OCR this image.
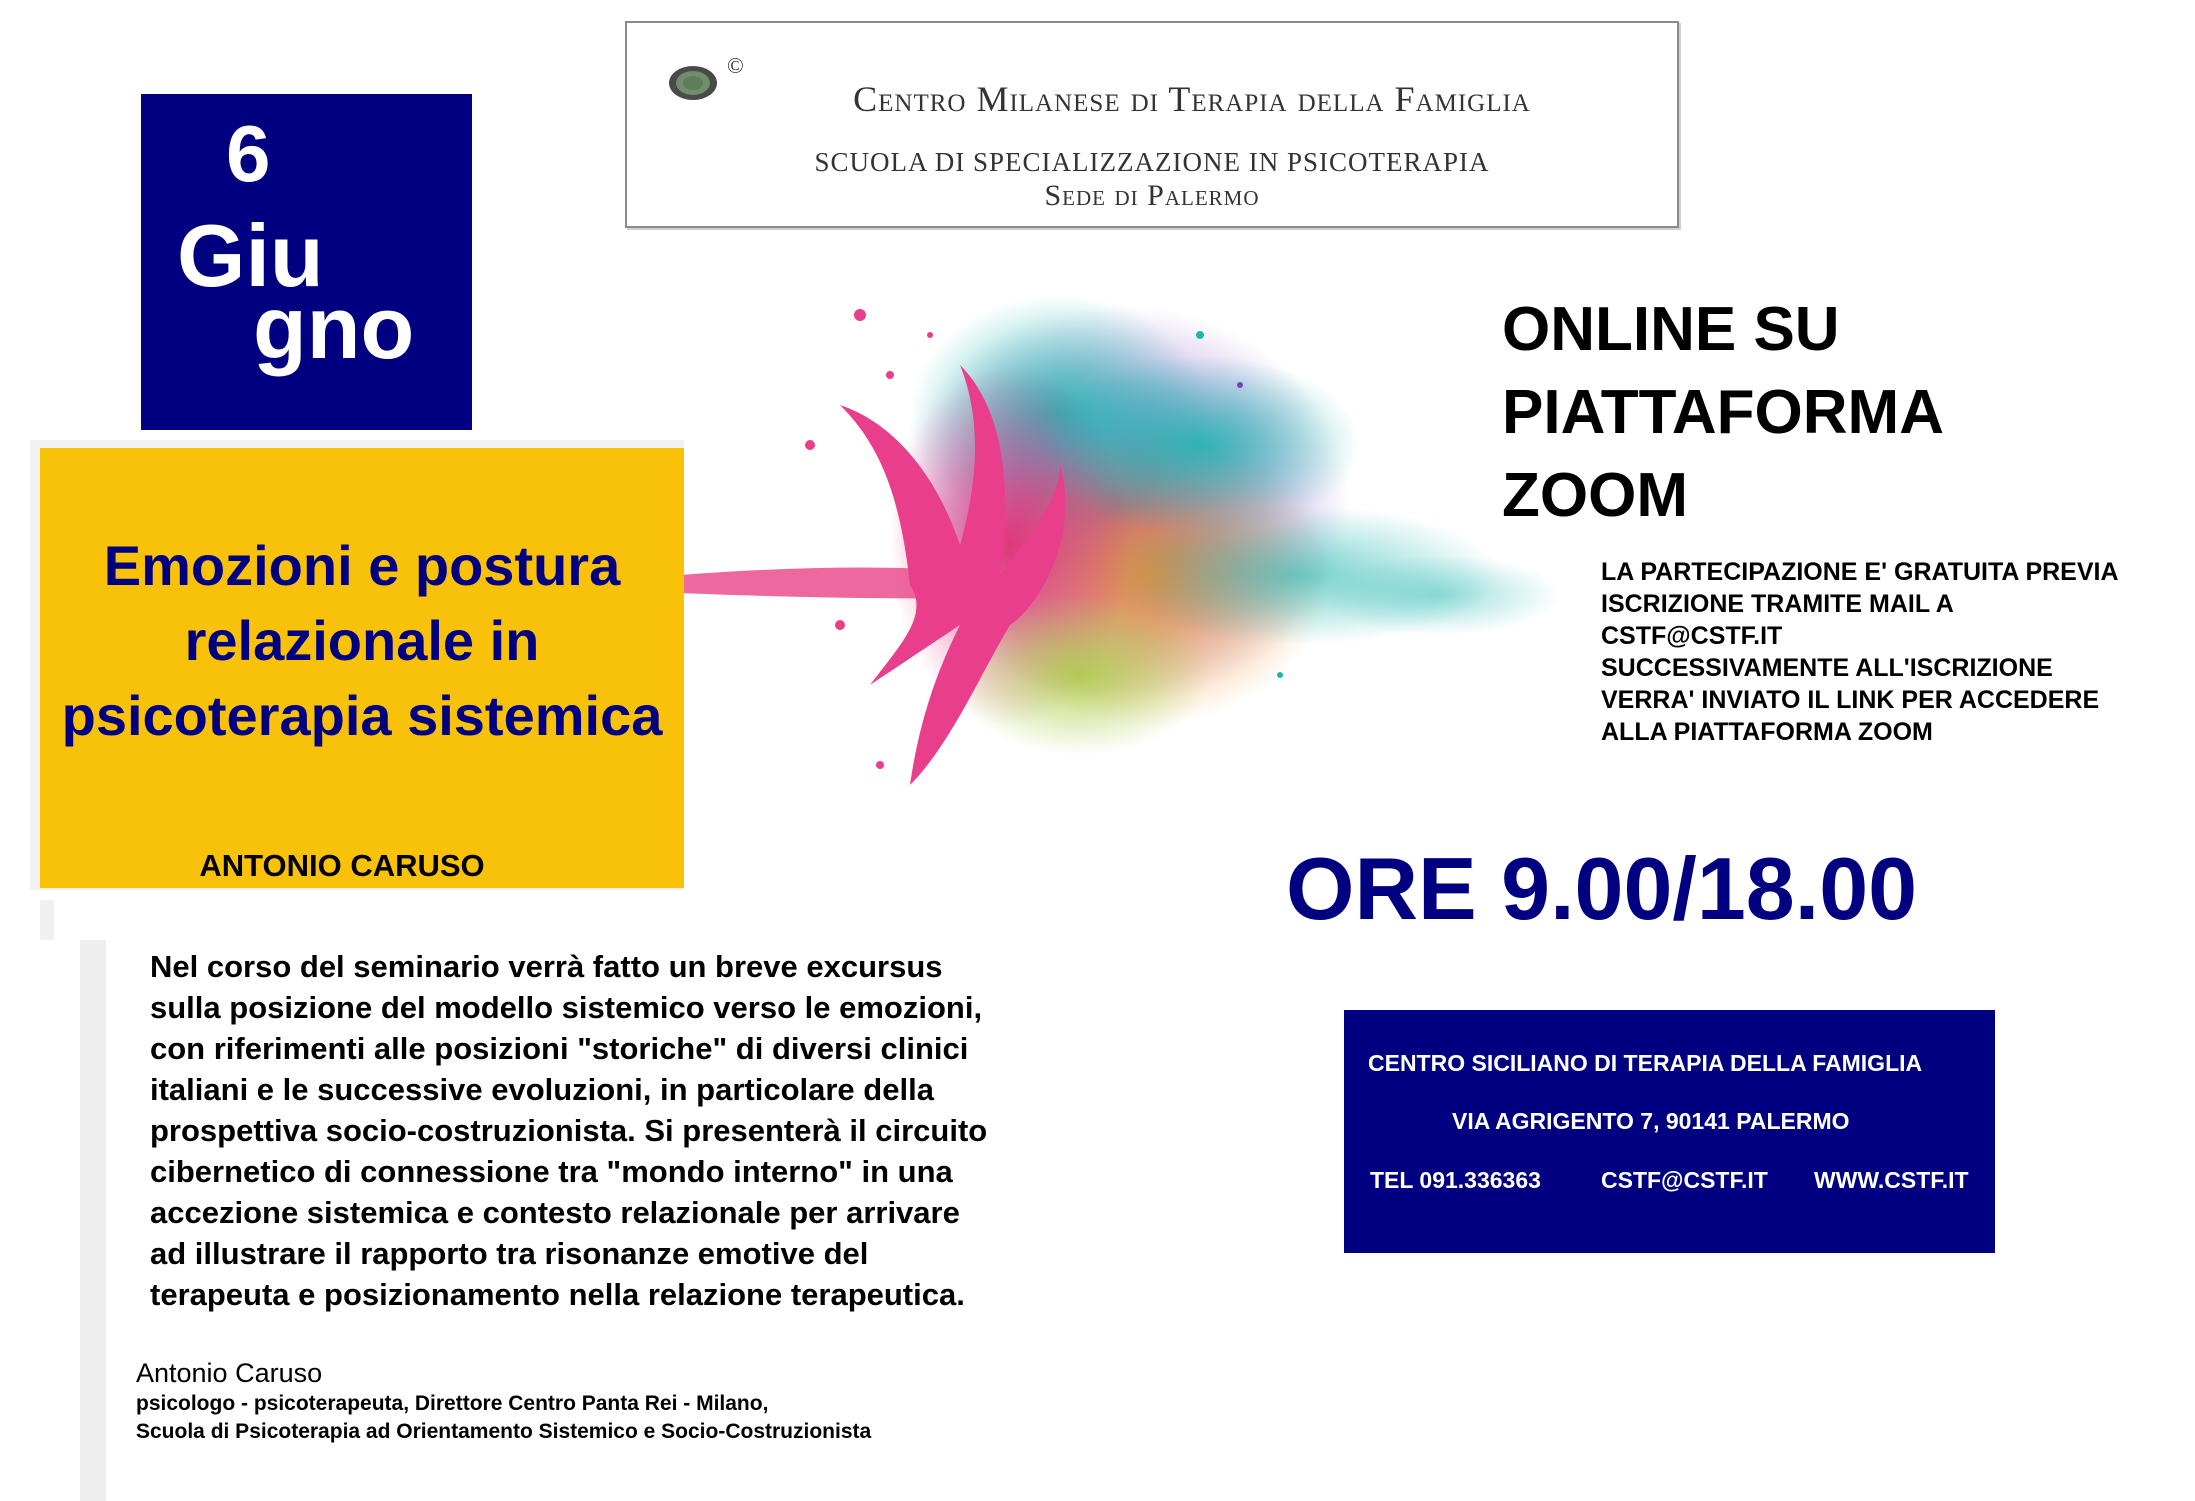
6
Giu
gno
©
Centro Milanese di Terapia della Famiglia
SCUOLA DI SPECIALIZZAZIONE IN PSICOTERAPIA
Sede di Palermo
Emozioni e postura relazionale in psicoterapia sistemica
ANTONIO CARUSO
ONLINE SU
PIATTAFORMA
ZOOM
LA PARTECIPAZIONE E' GRATUITA PREVIA
ISCRIZIONE TRAMITE MAIL A
CSTF@CSTF.IT
SUCCESSIVAMENTE ALL'ISCRIZIONE
VERRA' INVIATO IL LINK PER ACCEDERE
ALLA PIATTAFORMA ZOOM
ORE 9.00/18.00
Nel corso del seminario verrà fatto un breve excursus
sulla posizione del modello sistemico verso le emozioni,
con riferimenti alle posizioni "storiche" di diversi clinici
italiani e le successive evoluzioni, in particolare della
prospettiva socio-costruzionista. Si presenterà il circuito
cibernetico di connessione tra "mondo interno" in una
accezione sistemica e contesto relazionale per arrivare
ad illustrare il rapporto tra risonanze emotive del
terapeuta e posizionamento nella relazione terapeutica.
Antonio Caruso
psicologo - psicoterapeuta, Direttore Centro Panta Rei - Milano,
Scuola di Psicoterapia ad Orientamento Sistemico e Socio-Costruzionista
CENTRO SICILIANO DI TERAPIA DELLA FAMIGLIA
VIA AGRIGENTO 7, 90141 PALERMO
TEL 091.336363	CSTF@CSTF.IT WWW.CSTF.IT
